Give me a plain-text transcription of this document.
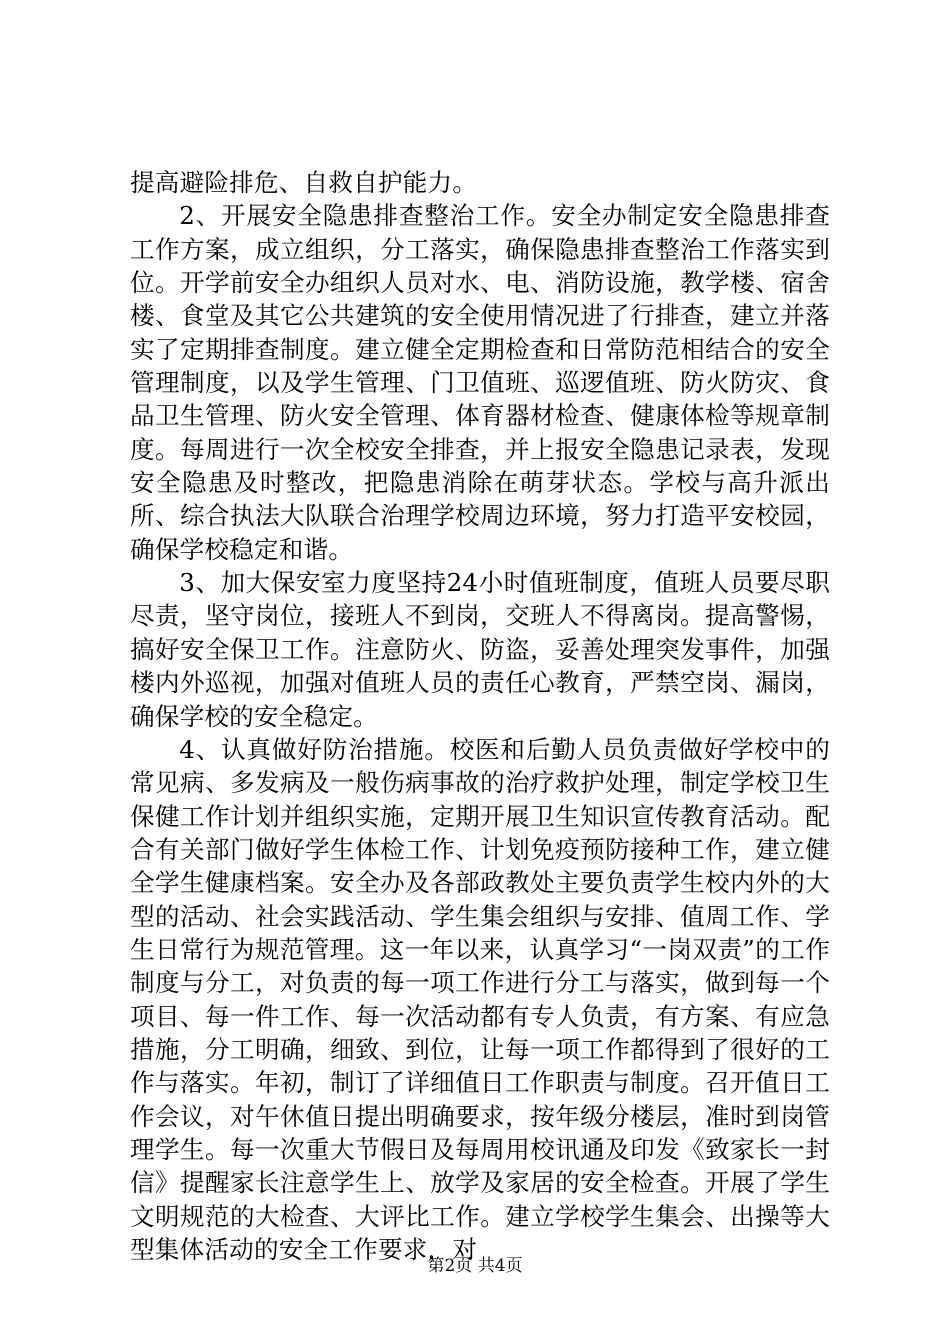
提高避险排危、自救自护能力。

2、开展安全隐患排查整治工作。安全办制定安全隐患排查工作方案，成立组织，分工落实，确保隐患排查整治工作落实到位。开学前安全办组织人员对水、电、消防设施，教学楼、宿舍楼、食堂及其它公共建筑的安全使用情况进了行排查，建立并落实了定期排查制度。建立健全定期检查和日常防范相结合的安全管理制度，以及学生管理、门卫值班、巡逻值班、防火防灾、食品卫生管理、防火安全管理、体育器材检查、健康体检等规章制度。每周进行一次全校安全排查，并上报安全隐患记录表，发现安全隐患及时整改，把隐患消除在萌芽状态。学校与高升派出所、综合执法大队联合治理学校周边环境，努力打造平安校园，确保学校稳定和谐。

3、加大保安室力度坚持24小时值班制度，值班人员要尽职尽责，坚守岗位，接班人不到岗，交班人不得离岗。提高警惕，搞好安全保卫工作。注意防火、防盗，妥善处理突发事件，加强楼内外巡视，加强对值班人员的责任心教育，严禁空岗、漏岗，确保学校的安全稳定。

4、认真做好防治措施。校医和后勤人员负责做好学校中的常见病、多发病及一般伤病事故的治疗救护处理，制定学校卫生保健工作计划并组织实施，定期开展卫生知识宣传教育活动。配合有关部门做好学生体检工作、计划免疫预防接种工作，建立健全学生健康档案。安全办及各部政教处主要负责学生校内外的大型的活动、社会实践活动、学生集会组织与安排、值周工作、学生日常行为规范管理。这一年以来，认真学习“一岗双责”的工作制度与分工，对负责的每一项工作进行分工与落实，做到每一个项目、每一件工作、每一次活动都有专人负责，有方案、有应急措施，分工明确，细致、到位，让每一项工作都得到了很好的工作与落实。年初，制订了详细值日工作职责与制度。召开值日工作会议，对午休值日提出明确要求，按年级分楼层，准时到岗管理学生。每一次重大节假日及每周用校讯通及印发《致家长一封信》提醒家长注意学生上、放学及家居的安全检查。开展了学生文明规范的大检查、大评比工作。建立学校学生集会、出操等大型集体活动的安全工作要求，对

第2页 共4页
